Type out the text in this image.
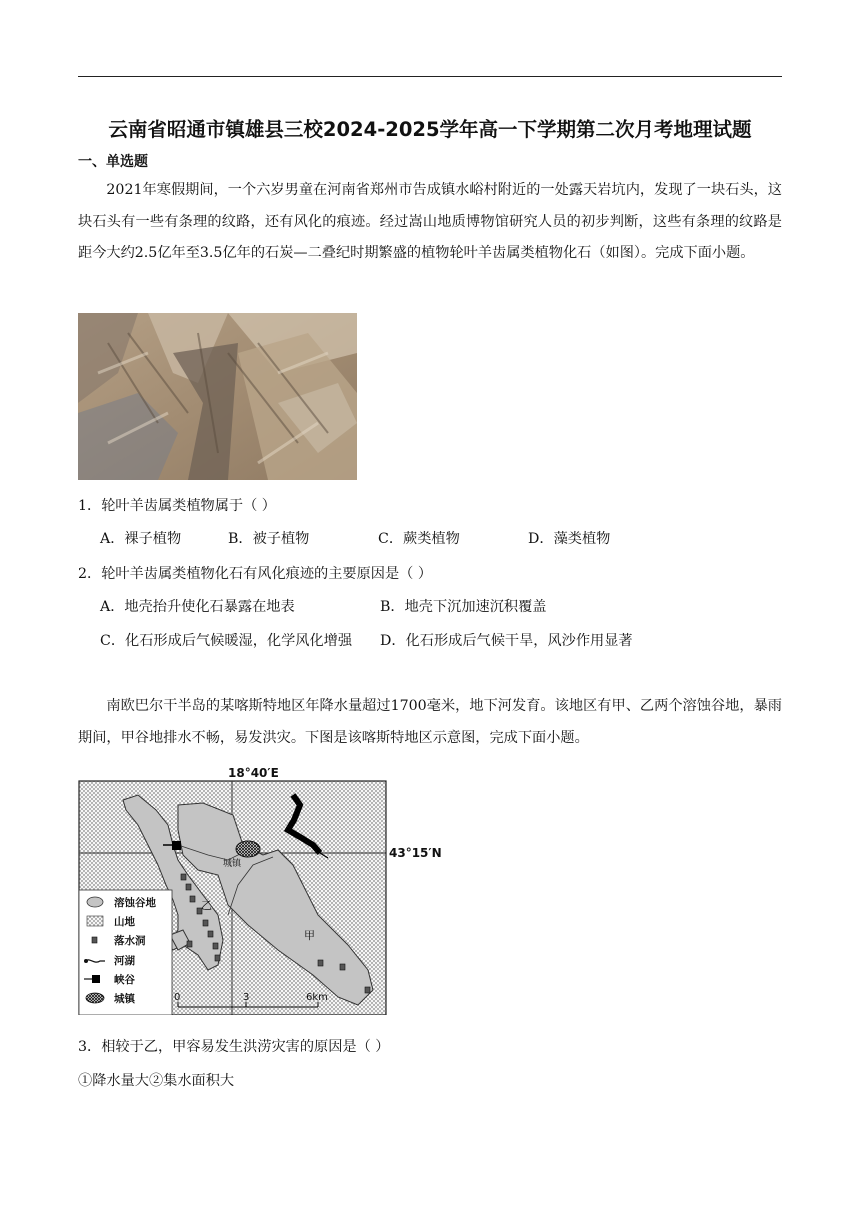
云南省昭通市镇雄县三校2024-2025学年高一下学期第二次月考地理试题
一、单选题

2021年寒假期间，一个六岁男童在河南省郑州市告成镇水峪村附近的一处露天岩坑内，发现了一块石头，这块石头有一些有条理的纹路，还有风化的痕迹。经过嵩山地质博物馆研究人员的初步判断，这些有条理的纹路是距今大约2.5亿年至3.5亿年的石炭—二叠纪时期繁盛的植物轮叶羊齿属类植物化石（如图）。完成下面小题。

1．轮叶羊齿属类植物属于（ ）
A．裸子植物	B．被子植物	C．蕨类植物	D．藻类植物
2．轮叶羊齿属类植物化石有风化痕迹的主要原因是（ ）
A．地壳抬升使化石暴露在地表	B．地壳下沉加速沉积覆盖
C．化石形成后气候暖湿，化学风化增强 D．化石形成后气候干旱，风沙作用显著

南欧巴尔干半岛的某喀斯特地区年降水量超过1700毫米，地下河发育。该地区有甲、乙两个溶蚀谷地，暴雨期间，甲谷地排水不畅，易发洪灾。下图是该喀斯特地区示意图，完成下面小题。

城镇
乙
甲
溶蚀谷地
山地
落水洞
河湖
峡谷
城镇	0	3	6km
18°40′E
43°15′N
3．相较于乙，甲容易发生洪涝灾害的原因是（ ）
①降水量大②集水面积大
